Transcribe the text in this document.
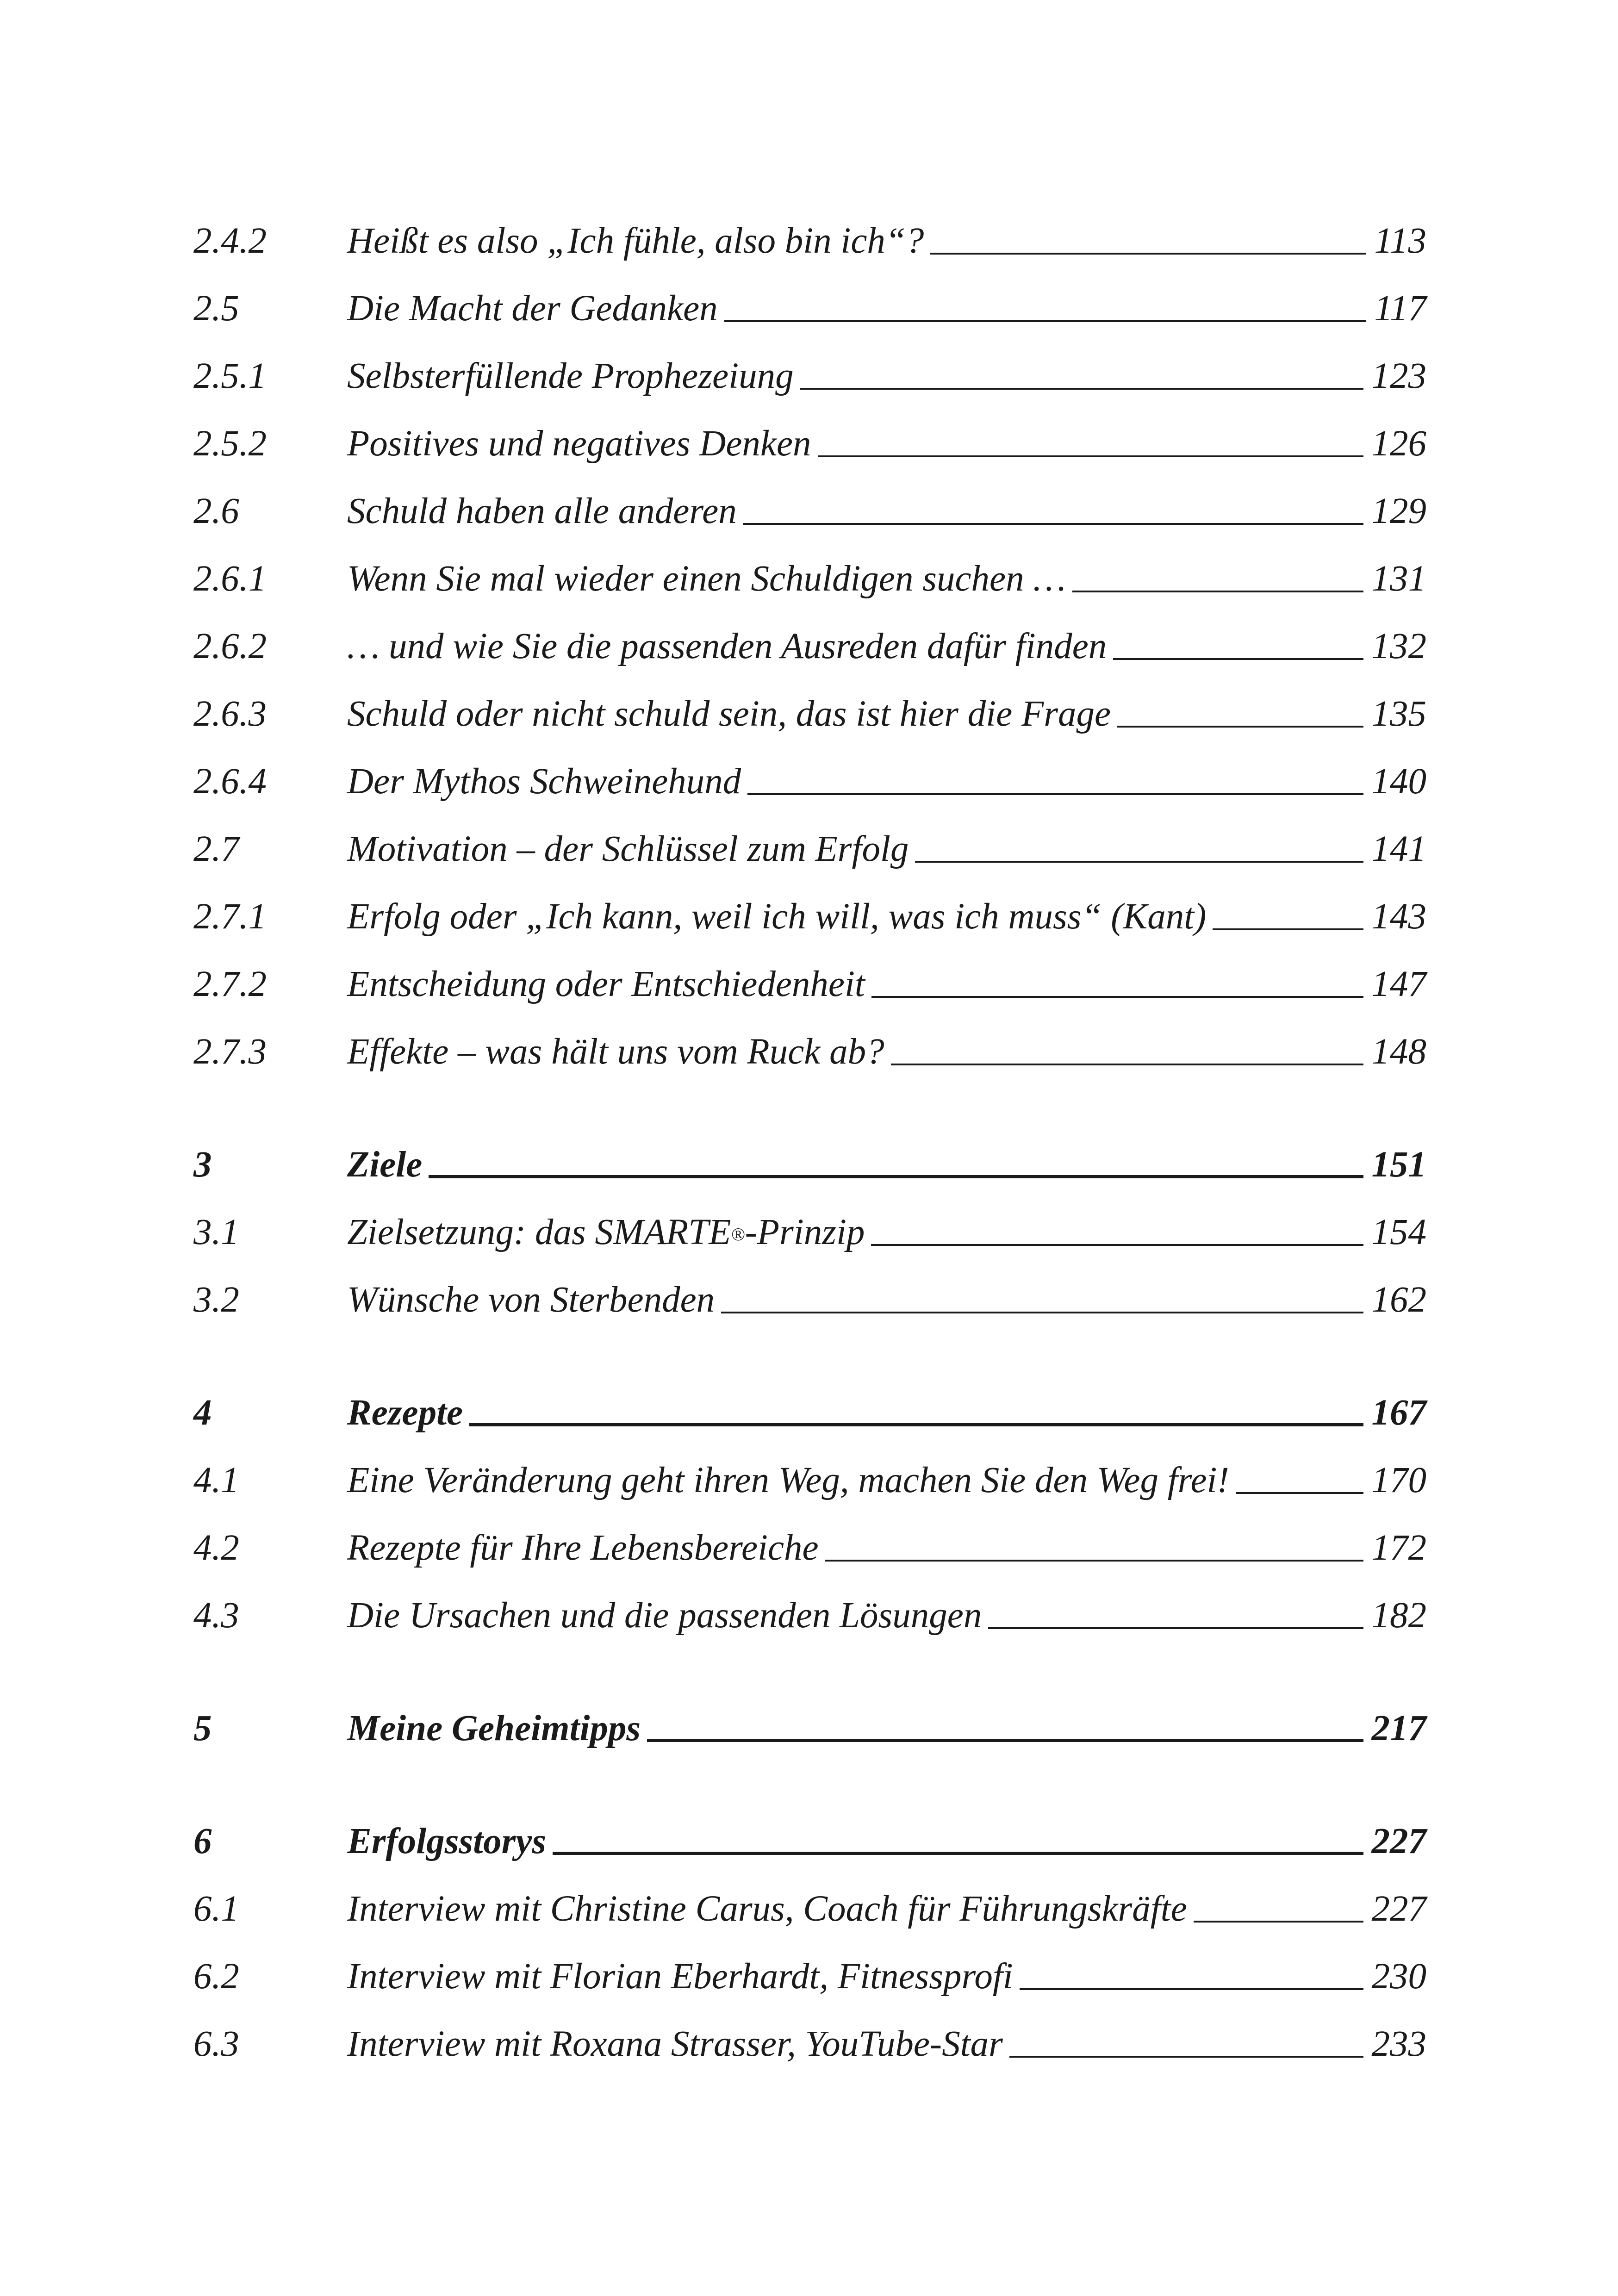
2.4.2	Heißt es also „Ich fühle, also bin ich“?	113
2.5	Die Macht der Gedanken	117
2.5.1	Selbsterfüllende Prophezeiung	123
2.5.2	Positives und negatives Denken	126
2.6	Schuld haben alle anderen	129
2.6.1	Wenn Sie mal wieder einen Schuldigen suchen …	131
2.6.2	… und wie Sie die passenden Ausreden dafür finden	132
2.6.3	Schuld oder nicht schuld sein, das ist hier die Frage	135
2.6.4	Der Mythos Schweinehund	140
2.7	Motivation – der Schlüssel zum Erfolg	141
2.7.1	Erfolg oder „Ich kann, weil ich will, was ich muss“ (Kant)	143
2.7.2	Entscheidung oder Entschiedenheit	147
2.7.3	Effekte – was hält uns vom Ruck ab?	148
3	Ziele	151
3.1	Zielsetzung: das SMARTE®-Prinzip	154
3.2	Wünsche von Sterbenden	162
4	Rezepte	167
4.1	Eine Veränderung geht ihren Weg, machen Sie den Weg frei!	170
4.2	Rezepte für Ihre Lebensbereiche	172
4.3	Die Ursachen und die passenden Lösungen	182
5	Meine Geheimtipps	217
6	Erfolgsstorys	227
6.1	Interview mit Christine Carus, Coach für Führungskräfte	227
6.2	Interview mit Florian Eberhardt, Fitnessprofi	230
6.3	Interview mit Roxana Strasser, YouTube-Star	233
